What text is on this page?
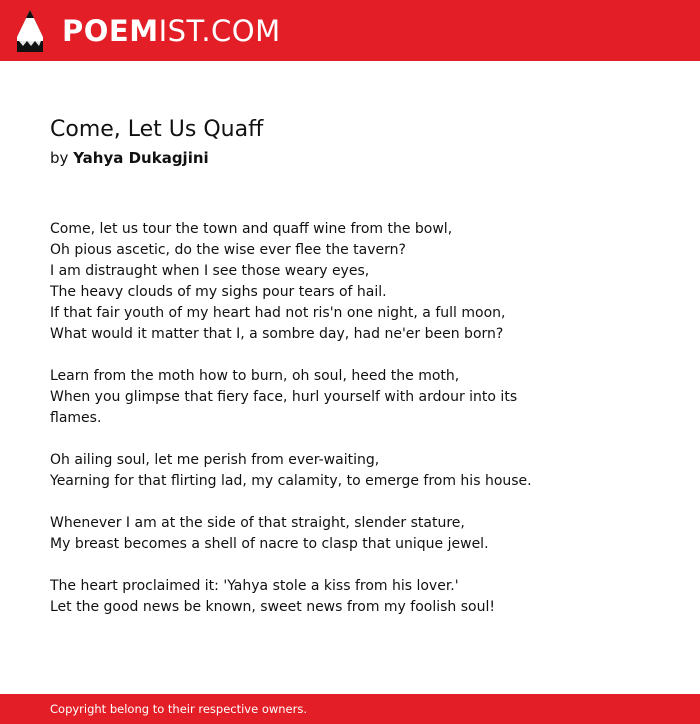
POEMIST.COM
Come, Let Us Quaff
by Yahya Dukagjini
Come, let us tour the town and quaff wine from the bowl,
Oh pious ascetic, do the wise ever flee the tavern?
I am distraught when I see those weary eyes,
The heavy clouds of my sighs pour tears of hail.
If that fair youth of my heart had not ris'n one night, a full moon,
What would it matter that I, a sombre day, had ne'er been born?
Learn from the moth how to burn, oh soul, heed the moth,
When you glimpse that fiery face, hurl yourself with ardour into its
flames.
Oh ailing soul, let me perish from ever-waiting,
Yearning for that flirting lad, my calamity, to emerge from his house.
Whenever I am at the side of that straight, slender stature,
My breast becomes a shell of nacre to clasp that unique jewel.
The heart proclaimed it: 'Yahya stole a kiss from his lover.'
Let the good news be known, sweet news from my foolish soul!
Copyright belong to their respective owners.
